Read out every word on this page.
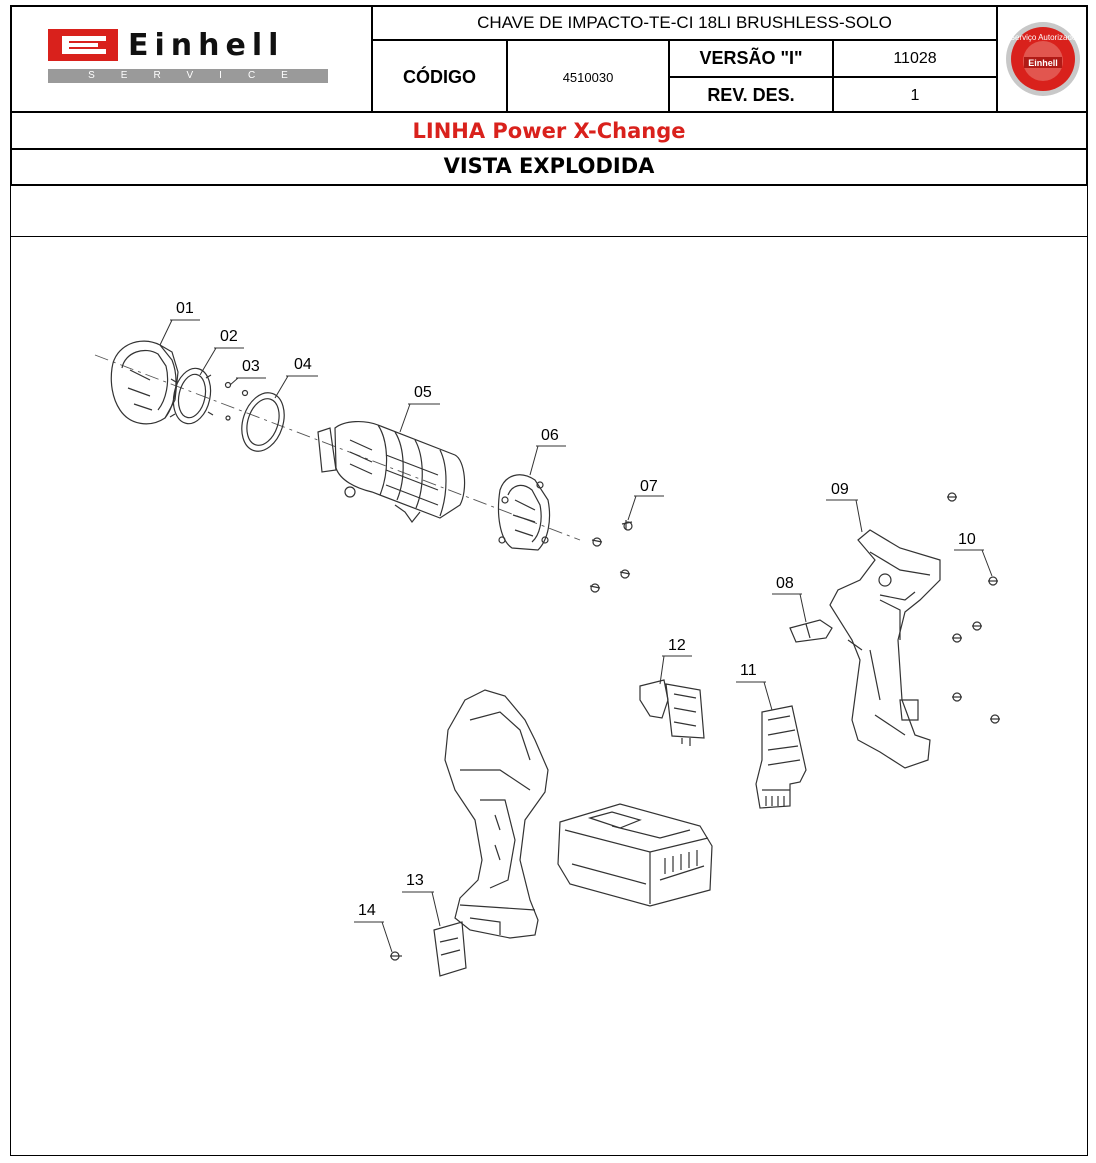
Einhell
SERVICE
CHAVE DE IMPACTO-TE-CI 18LI BRUSHLESS-SOLO
CÓDIGO	4510030
VERSÃO "I"	11028
REV. DES.	1
Serviço Autorizado
Einhell
LINHA Power X-Change
VISTA EXPLODIDA
01
02
03 04
05
06
07
08
09
10
11
12
13
14
